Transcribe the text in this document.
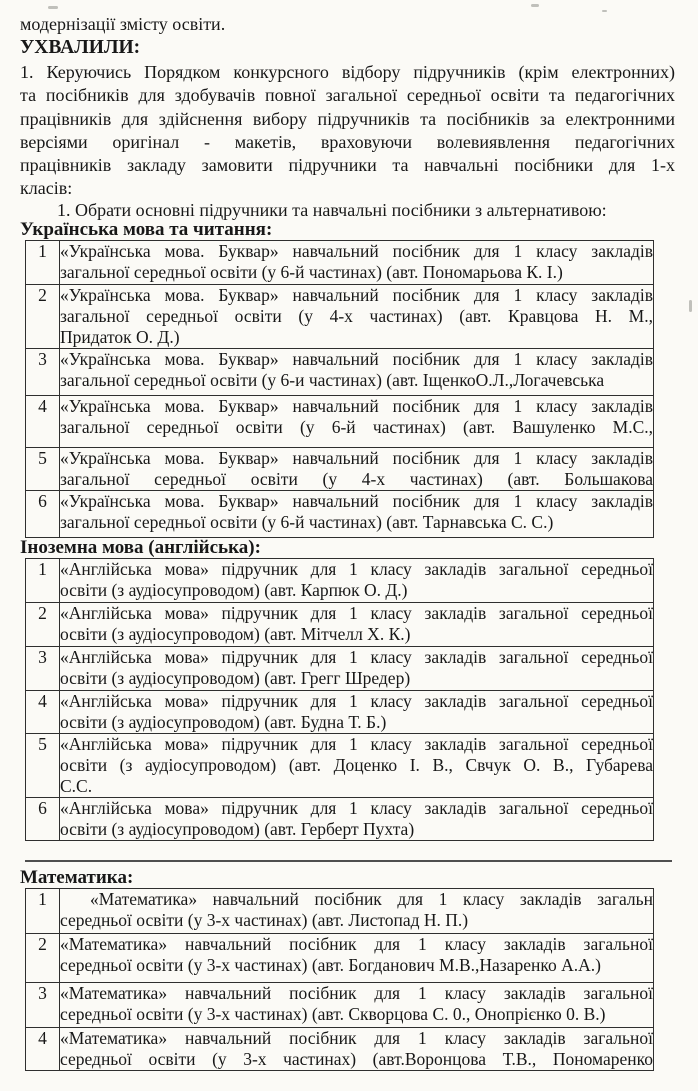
модернізації змісту освіти.
УХВАЛИЛИ:
1. Керуючись Порядком конкурсного відбору підручників (крім електронних)
та посібників для здобувачів повної загальної середньої освіти та педагогічних
працівників для здійснення вибору підручників та посібників за електронними
версіями оригінал - макетів, враховуючи волевиявлення педагогічних
працівників закладу замовити підручники та навчальні посібники для 1-х
класів:
1. Обрати основні підручники та навчальні посібники з альтернативою:
Українська мова та читання:
1	«Українська мова. Буквар» навчальний посібник для 1 класу закладів
загальної середньої освіти (у 6-й частинах) (авт. Пономарьова К. І.)

2	«Українська мова. Буквар» навчальний посібник для 1 класу закладів
загальної середньої освіти (у 4-х частинах) (авт. Кравцова Н. М.,
Придаток О. Д.)

3	«Українська мова. Буквар» навчальний посібник для 1 класу закладів
загальної середньої освіти (у 6-и частинах) (авт. ІщенкоО.Л.,Логачевська

4	«Українська мова. Буквар» навчальний посібник для 1 класу закладів
загальної середньої освіти (у 6-й частинах) (авт. Вашуленко М.С.,

5	«Українська мова. Буквар» навчальний посібник для 1 класу закладів
загальної середньої освіти (у 4-х частинах) (авт. Большакова

6	«Українська мова. Буквар» навчальний посібник для 1 класу закладів
загальної середньої освіти (у 6-й частинах) (авт. Тарнавська С. С.)
Іноземна мова (англійська):
1	«Англійська мова» підручник для 1 класу закладів загальної середньої
освіти (з аудіосупроводом) (авт. Карпюк О. Д.)

2	«Англійська мова» підручник для 1 класу закладів загальної середньої
освіти (з аудіосупроводом) (авт. Мітчелл Х. К.)

3	«Англійська мова» підручник для 1 класу закладів загальної середньої
освіти (з аудіосупроводом) (авт. Грегг Шредер)

4	«Англійська мова» підручник для 1 класу закладів загальної середньої
освіти (з аудіосупроводом) (авт. Будна Т. Б.)

5	«Англійська мова» підручник для 1 класу закладів загальної середньої
освіти (з аудіосупроводом) (авт. Доценко І. В., Свчук О. В., Губарева
С.С.

6	«Англійська мова» підручник для 1 класу закладів загальної середньої
освіти (з аудіосупроводом) (авт. Герберт Пухта)
Математика:
1	«Математика» навчальний посібник для 1 класу закладів загальн
середньої освіти (у 3-х частинах) (авт. Листопад Н. П.)

2	«Математика» навчальний посібник для 1 класу закладів загальної
середньої освіти (у 3-х частинах) (авт. Богданович М.В.,Назаренко А.А.)

3	«Математика» навчальний посібник для 1 класу закладів загальної
середньої освіти (у 3-х частинах) (авт. Скворцова С. 0., Онопрієнко 0. В.)

4	«Математика» навчальний посібник для 1 класу закладів загальної
середньої освіти (у 3-х частинах) (авт.Воронцова Т.В., Пономаренко
